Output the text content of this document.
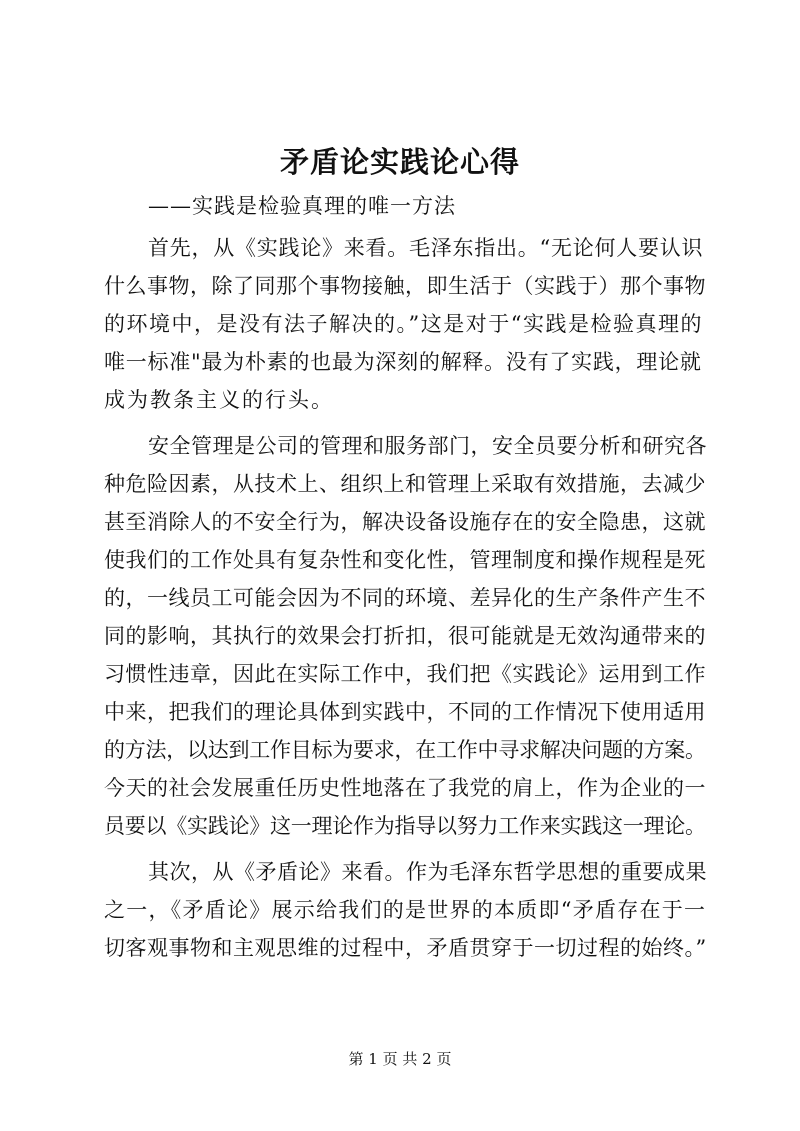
矛盾论实践论心得
——实践是检验真理的唯一方法
首先，从《实践论》来看。毛泽东指出。“无论何人要认识
什么事物，除了同那个事物接触，即生活于（实践于）那个事物
的环境中，是没有法子解决的。”这是对于“实践是检验真理的
唯一标准"最为朴素的也最为深刻的解释。没有了实践，理论就
成为教条主义的行头。
安全管理是公司的管理和服务部门，安全员要分析和研究各
种危险因素，从技术上、组织上和管理上采取有效措施，去减少
甚至消除人的不安全行为，解决设备设施存在的安全隐患，这就
使我们的工作处具有复杂性和变化性，管理制度和操作规程是死
的，一线员工可能会因为不同的环境、差异化的生产条件产生不
同的影响，其执行的效果会打折扣，很可能就是无效沟通带来的
习惯性违章，因此在实际工作中，我们把《实践论》运用到工作
中来，把我们的理论具体到实践中，不同的工作情况下使用适用
的方法，以达到工作目标为要求，在工作中寻求解决问题的方案。
今天的社会发展重任历史性地落在了我党的肩上，作为企业的一
员要以《实践论》这一理论作为指导以努力工作来实践这一理论。
其次，从《矛盾论》来看。作为毛泽东哲学思想的重要成果
之一，《矛盾论》展示给我们的是世界的本质即“矛盾存在于一
切客观事物和主观思维的过程中，矛盾贯穿于一切过程的始终。”
第 1 页 共 2 页
